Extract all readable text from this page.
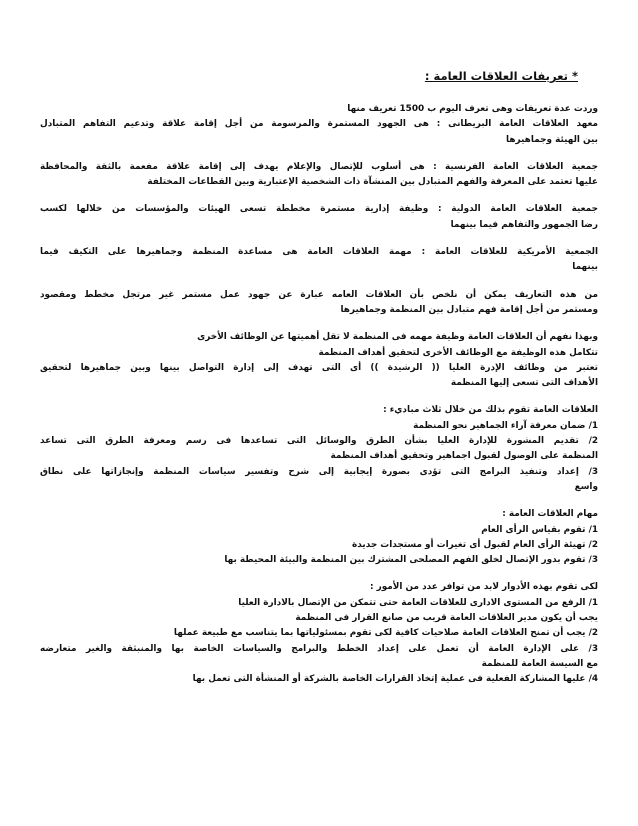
* تعريفات العلاقات العامة :
وردت عدة تعريفات وهى تعرف اليوم ب 1500 تعريف منها
معهد العلاقات العامة البريطانى : هى الجهود المستمرة والمرسومة من أجل إقامة علاقة وتدعيم التفاهم المتبادل
بين الهيئة وجماهيرها
جمعية العلاقات العامة الفرنسية : هى أسلوب للإتصال والإعلام يهدف إلى إقامة علاقة مفعمة بالثقة والمحافظة
عليها تعتمد على المعرفة والفهم المتبادل بين المنشآة ذات الشخصية الإعتبارية وبين القطاعات المختلفة
جمعية العلاقات العامة الدولية : وظيفة إدارية مستمرة مخططة تسعى الهيئات والمؤسسات من خلالها لكسب
رضا الجمهور والتفاهم فيما بينهما
الجمعية الأمريكية للعلاقات العامة : مهمة العلاقات العامة هى مساعدة المنظمة وجماهيرها على التكيف فيما
بينهما
من هذه التعاريف يمكن أن نلخص بأن العلاقات العامه عبارة عن جهود عمل مستمر غير مرتجل مخطط ومقصود
ومستمر من أجل إقامة فهم متبادل بين المنظمة وجماهيرها
وبهذا نفهم أن العلاقات العامة وظيفة مهمه فى المنظمة لا تقل أهميتها عن الوظائف الأخرى
تتكامل هذه الوظيفة مع الوظائف الأخرى لتحقيق أهداف المنظمة
تعتبر من وظائف الإدرة العليا (( الرشيدة )) أى التى تهدف إلى إدارة التواصل بينها وبين جماهيرها لتحقيق
الأهداف التى تسعى إليها المنظمة
العلاقات العامة تقوم بذلك من خلال ثلاث مباديء :
1/ ضمان معرفة آراء الجماهير نحو المنظمة
2/ تقديم المشورة للإدارة العليا بشأن الطرق والوسائل التى تساعدها فى رسم ومعرفة الطرق التى تساعد
المنظمة على الوصول لقبول اجماهير وتحقيق أهداف المنظمة
3/ إعداد وتنفيذ البرامج التى تؤدى بصورة إيجابية إلى شرح وتفسير سياسات المنظمة وإنجازاتها على نطاق
واسع
مهام العلاقات العامة :
1/ تقوم بقياس الرأى العام
2/ تهيئة الرأى العام لقبول أى تغيرات أو مستجدات جديدة
3/ تقوم بدور الإتصال لخلق الفهم المصلحى المشترك بين المنظمة والبيئة المحيطة بها
لكى تقوم بهذه الأدوار لابد من توافر عدد من الأمور :
1/ الرفع من المستوى الادارى للعلاقات العامة حتى تتمكن من الإتصال بالادارة العليا
يجب أن يكون مدير العلاقات العامة قريب من صانع القرار فى المنظمة
2/ يجب أن تمنح العلاقات العامة صلاحيات كافية لكى تقوم بمسئولياتها بما يتناسب مع طبيعة عملها
3/ على الإدارة العامة أن تعمل على إعداد الخطط والبرامج والسياسات الخاصة بها والمنبثقة والغير متعارضه
مع السيسة العامة للمنظمة
4/ عليها المشاركة الفعلية فى عملية إتخاذ القرارات الخاصة بالشركة أو المنشأة التى تعمل بها
